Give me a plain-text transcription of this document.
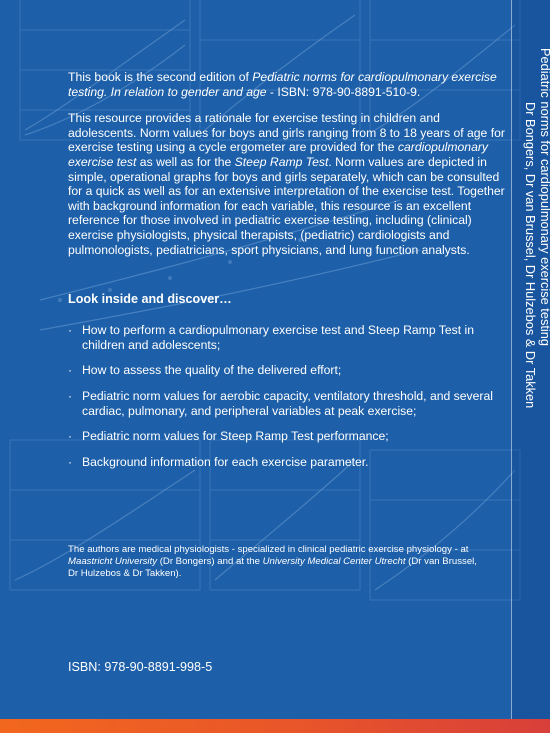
This book is the second edition of Pediatric norms for cardiopulmonary exercise testing. In relation to gender and age - ISBN: 978-90-8891-510-9.

This resource provides a rationale for exercise testing in children and adolescents. Norm values for boys and girls ranging from 8 to 18 years of age for exercise testing using a cycle ergometer are provided for the cardiopulmonary exercise test as well as for the Steep Ramp Test. Norm values are depicted in simple, operational graphs for boys and girls separately, which can be consulted for a quick as well as for an extensive interpretation of the exercise test. Together with background information for each variable, this resource is an excellent reference for those involved in pediatric exercise testing, including (clinical) exercise physiologists, physical therapists, (pediatric) cardiologists and pulmonologists, pediatricians, sport physicians, and lung function analysts.

Look inside and discover…
· How to perform a cardiopulmonary exercise test and Steep Ramp Test in children and adolescents;
· How to assess the quality of the delivered effort;
· Pediatric norm values for aerobic capacity, ventilatory threshold, and several cardiac, pulmonary, and peripheral variables at peak exercise;
· Pediatric norm values for Steep Ramp Test performance;
· Background information for each exercise parameter.
The authors are medical physiologists - specialized in clinical pediatric exercise physiology - at Maastricht University (Dr Bongers) and at the University Medical Center Utrecht (Dr van Brussel, Dr Hulzebos & Dr Takken).
ISBN: 978-90-8891-998-5
Pediatric norms for cardiopulmonary exercise testing
Dr Bongers, Dr van Brussel, Dr Hulzebos & Dr Takken
